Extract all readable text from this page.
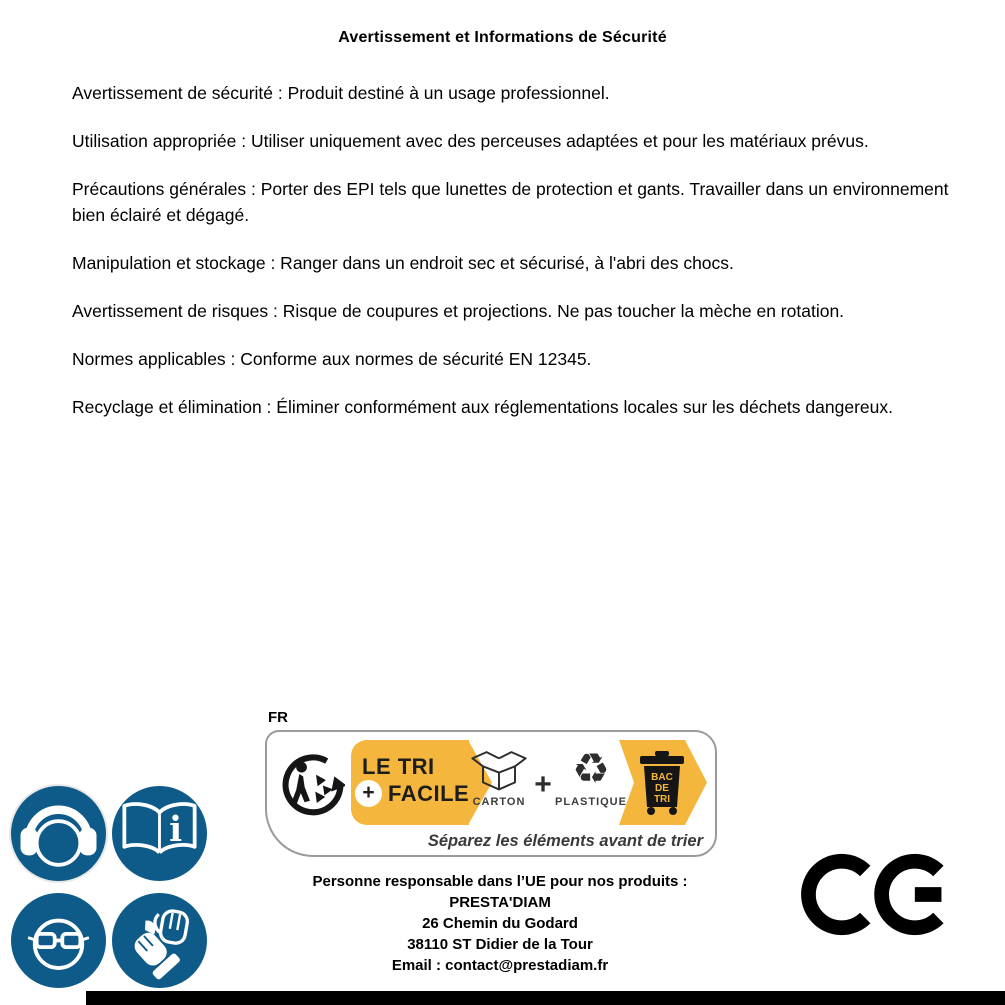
Avertissement et Informations de Sécurité

Avertissement de sécurité : Produit destiné à un usage professionnel.

Utilisation appropriée : Utiliser uniquement avec des perceuses adaptées et pour les matériaux prévus.

Précautions générales : Porter des EPI tels que lunettes de protection et gants. Travailler dans un environnement bien éclairé et dégagé.

Manipulation et stockage : Ranger dans un endroit sec et sécurisé, à l'abri des chocs.

Avertissement de risques : Risque de coupures et projections. Ne pas toucher la mèche en rotation.

Normes applicables : Conforme aux normes de sécurité EN 12345.

Recyclage et élimination : Éliminer conformément aux réglementations locales sur les déchets dangereux.

i
FR
LE TRI
+ FACILE CARTON
+ ♻
PLASTIQUE
BAC
DE
TRI
Séparez les éléments avant de trier
Personne responsable dans l’UE pour nos produits :
PRESTA'DIAM
26 Chemin du Godard
38110 ST Didier de la Tour
Email : contact@prestadiam.fr
